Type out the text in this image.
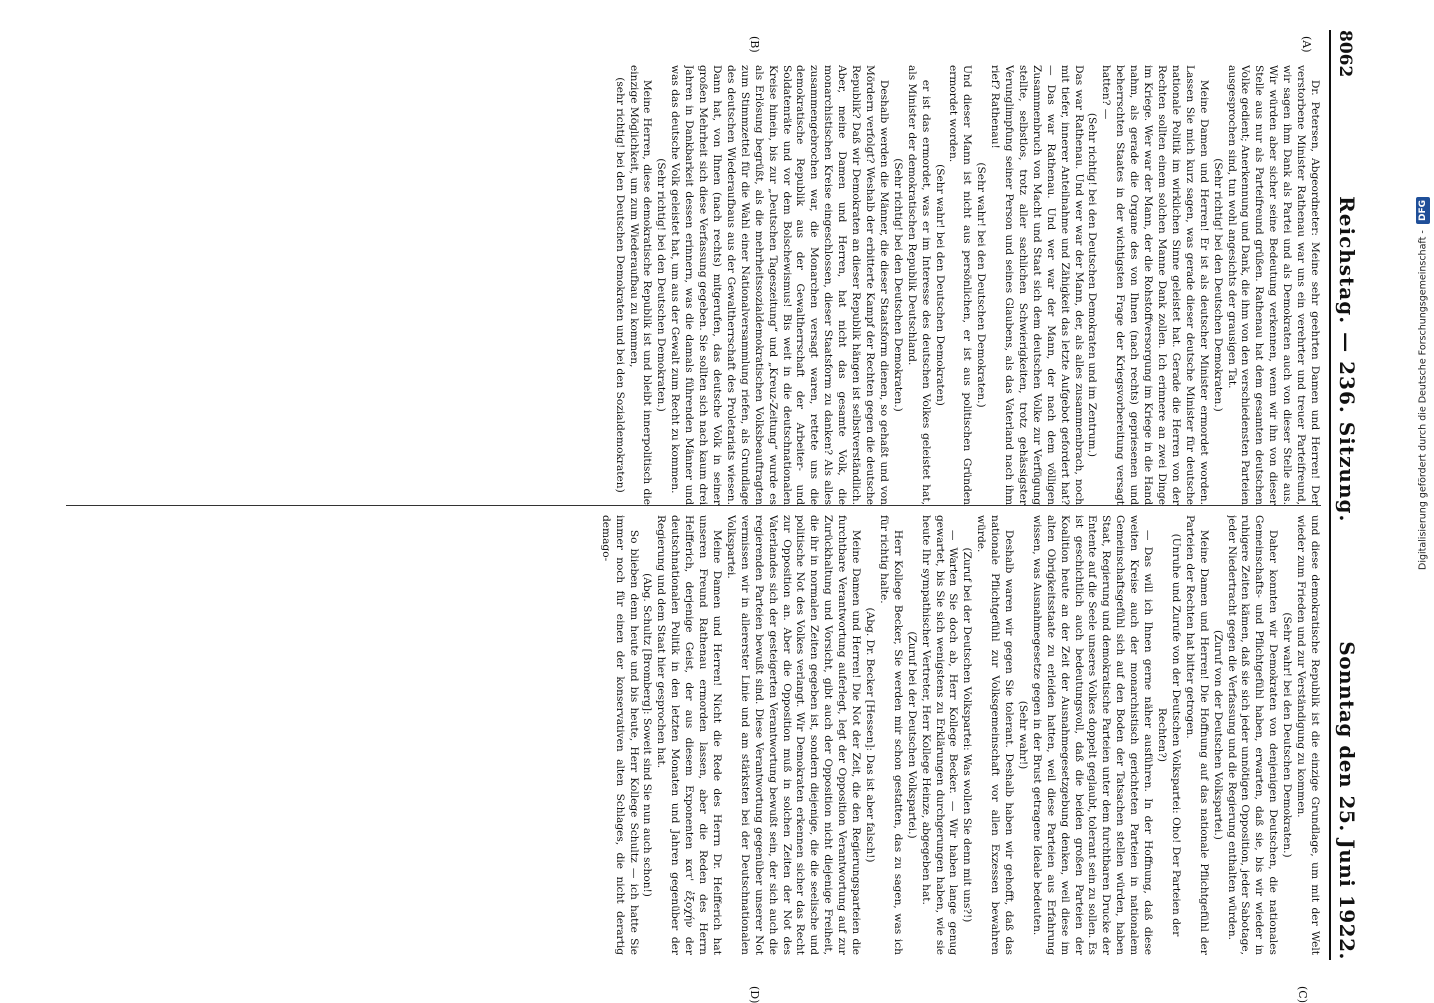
Digitalisierung gefördert durch die Deutsche Forschungsgemeinschaft -
DFG
8062
Reichstag. — 236. Sitzung.
Sonntag den 25. Juni 1922.
(A)
(B)
(C)
(D)

Dr. Petersen, Abgeordneter: Meine sehr geehrten Damen und Herren! Der verstorbene Minister Rathenau war uns ein verehrter und treuer Parteifreund, wir sagen ihm Dank als Partei und als Demokraten auch von dieser Stelle aus. Wir würden aber sicher seine Bedeutung verkennen, wenn wir ihn von dieser Stelle aus nur als Parteifreund grüßen. Rathenau hat dem gesamten deutschen Volke gedient; Anerkennung und Dank, die ihm von den verschiedensten Parteien ausgesprochen sind, tun wohl angesichts der grausigen Tat.

(Sehr richtig! bei den Deutschen Demokraten.)

Meine Damen und Herren! Er ist als deutscher Minister ermordet worden. Lassen Sie mich kurz sagen, was gerade dieser deutsche Minister für deutsche nationale Politik im wirklichen Sinne geleistet hat. Gerade die Herren von der Rechten sollten einem solchen Manne Dank zollen. Ich erinnere an zwei Dinge im Kriege. Wer war der Mann, der die Rohstoffversorgung im Kriege in die Hand nahm, als gerade die Organe des von Ihnen (nach rechts) gepriesenen und beherrschten Staates in der wichtigsten Frage der Kriegsvorbereitung versagt hatten? —

(Sehr richtig! bei den Deutschen Demokraten und im Zentrum.)

Das war Rathenau. Und wer war der Mann, der, als alles zusammenbrach, noch mit tiefer, innerer Anteilnahme und Zähigkeit das letzte Aufgebot gefordert hat? — Das war Rathenau. Und wer war der Mann, der nach dem völligen Zusammenbruch von Macht und Staat sich dem deutschen Volke zur Verfügung stellte, selbstlos, trotz aller sachlichen Schwierigkeiten, trotz gehässigster Verunglimpfung seiner Person und seines Glaubens, als das Vaterland nach ihm rief? Rathenau!

(Sehr wahr! bei den Deutschen Demokraten.)

Und dieser Mann ist nicht aus persönlichen, er ist aus politischen Gründen ermordet worden.

(Sehr wahr! bei den Deutschen Demokraten)

er ist das ermordet, was er im Interesse des deutschen Volkes geleistet hat, als Minister der demokratischen Republik Deutschland.

(Sehr richtig! bei den Deutschen Demokraten.)

Deshalb werden die Männer, die dieser Staatsform dienen, so gehaßt und von Mördern verfolgt? Weshalb der erbitterte Kampf der Rechten gegen die deutsche Republik? Daß wir Demokraten an dieser Republik hängen ist selbstverständlich. Aber, meine Damen und Herren, hat nicht das gesamte Volk, die monarchistischen Kreise eingeschlossen, dieser Staatsform zu danken? Als alles zusammengebrochen war, die Monarchen versagt waren, rettete uns die demokratische Republik aus der Gewaltherrschaft der Arbeiter- und Soldatenräte und vor dem Bolschewismus! Bis weit in die deutschnationalen Kreise hinein, bis zur „Deutschen Tageszeitung“ und „Kreuz-Zeitung“ wurde es als Erlösung begrüßt, als die mehrheitssozialdemokratischen Volksbeauftragten zum Stimmzettel für die Wahl einer Nationalversammlung riefen, als Grundlage des deutschen Wiederaufbaus aus der Gewaltherrschaft des Proletariats wiesen. Dann hat, von Ihnen (nach rechts) mitgerufen, das deutsche Volk in seiner großen Mehrheit sich diese Verfassung gegeben. Sie sollten sich nach kaum drei Jahren in Dankbarkeit dessen erinnern, was die damals führenden Männer und was das deutsche Volk geleistet hat, um aus der Gewalt zum Recht zu kommen.

(Sehr richtig! bei den Deutschen Demokraten.)

Meine Herren, diese demokratische Republik ist und bleibt innerpolitisch die einzige Möglichkeit, um zum Wiederaufbau zu kommen,

(sehr richtig! bei den Deutschen Demokraten und bei den Sozialdemokraten)

und diese demokratische Republik ist die einzige Grundlage, um mit der Welt wieder zum Frieden und zur Verständigung zu kommen.

(Sehr wahr! bei den Deutschen Demokraten.)

Daher konnten wir Demokraten von denjenigen Deutschen, die nationales Gemeinschafts- und Pflichtgefühl haben, erwarten, daß sie, bis wir wieder in ruhigere Zeiten kämen, daß sie sich jeder unnötigen Opposition, jeder Sabotage, jeder Niedertracht gegen die Verfassung und die Regierung enthalten würden.

(Zuruf von der Deutschen Volkspartei.)

Meine Damen und Herren! Die Hoffnung auf das nationale Pflichtgefühl der Parteien der Rechten hat bitter getrogen.

(Unruhe und Zurufe von der Deutschen Volkspartei: Oho! Der Parteien der Rechten?)

— Das will ich Ihnen gerne näher ausführen. In der Hoffnung, daß diese weiten Kreise auch der monarchistisch gerichteten Parteien in nationalem Gemeinschaftsgefühl sich auf den Boden der Tatsachen stellen würden, haben Staat, Regierung und demokratische Parteien unter dem furchtbaren Drucke der Entente auf die Seele unseres Volkes doppelt geglaubt, tolerant sein zu sollen. Es ist geschichtlich auch bedeutungsvoll, daß die beiden großen Parteien der Koalition heute an der Zeit der Ausnahmegesetzgebung denken, weil diese im alten Obrigkeitsstaate zu erleiden hatten, weil diese Parteien aus Erfahrung wissen, was Ausnahmegesetze gegen in der Brust getragene Ideale bedeuten.

(Sehr wahr!)

Deshalb waren wir gegen Sie tolerant. Deshalb haben wir gehofft, daß das nationale Pflichtgefühl zur Volksgemeinschaft vor allen Exzessen bewahren würde.

(Zuruf bei der Deutschen Volkspartei: Was wollen Sie denn mit uns?!)

— Warten Sie doch ab, Herr Kollege Becker. — Wir haben lange genug gewartet, bis Sie sich wenigstens zu Erklärungen durchgerungen haben, wie sie heute Ihr sympathischer Vertreter, Herr Kollege Heinze, abgegeben hat.

(Zuruf bei der Deutschen Volkspartei.)

Herr Kollege Becker, Sie werden mir schon gestatten, das zu sagen, was ich für richtig halte.

(Abg. Dr. Becker [Hessen]: Das ist aber falsch!)

Meine Damen und Herren! Die Not der Zeit, die den Regierungsparteien die furchtbare Verantwortung auferlegt, legt der Opposition Verantwortung auf zur Zurückhaltung und Vorsicht, gibt auch der Opposition nicht diejenige Freiheit, die ihr in normalen Zeiten gegeben ist, sondern diejenige, die die seelische und politische Not des Volkes verlangt. Wir Demokraten erkennen sicher das Recht zur Opposition an. Aber die Opposition muß in solchen Zeiten der Not des Vaterlandes sich der gesteigerten Verantwortung bewußt sein, der sich auch die regierenden Parteien bewußt sind. Diese Verantwortung gegenüber unserer Not vermissen wir in allererster Linie und am stärksten bei der Deutschnationalen Volkspartei.

Meine Damen und Herren! Nicht die Rede des Herrn Dr. Helfferich hat unseren Freund Rathenau ermorden lassen, aber die Reden des Herrn Helfferich, derjenige Geist, der aus diesem Exponenten κατ' ἐξοχήν der deutschnationalen Politik in den letzten Monaten und Jahren gegenüber der Regierung und dem Staat hier gesprochen hat.

(Abg. Schultz [Bromberg]: Soweit sind Sie nun auch schon!)

So blieben denn heute und bis heute, Herr Kollege Schultz — ich hatte Sie immer noch für einen der konservativen alten Schlages, die nicht derartig demago-
